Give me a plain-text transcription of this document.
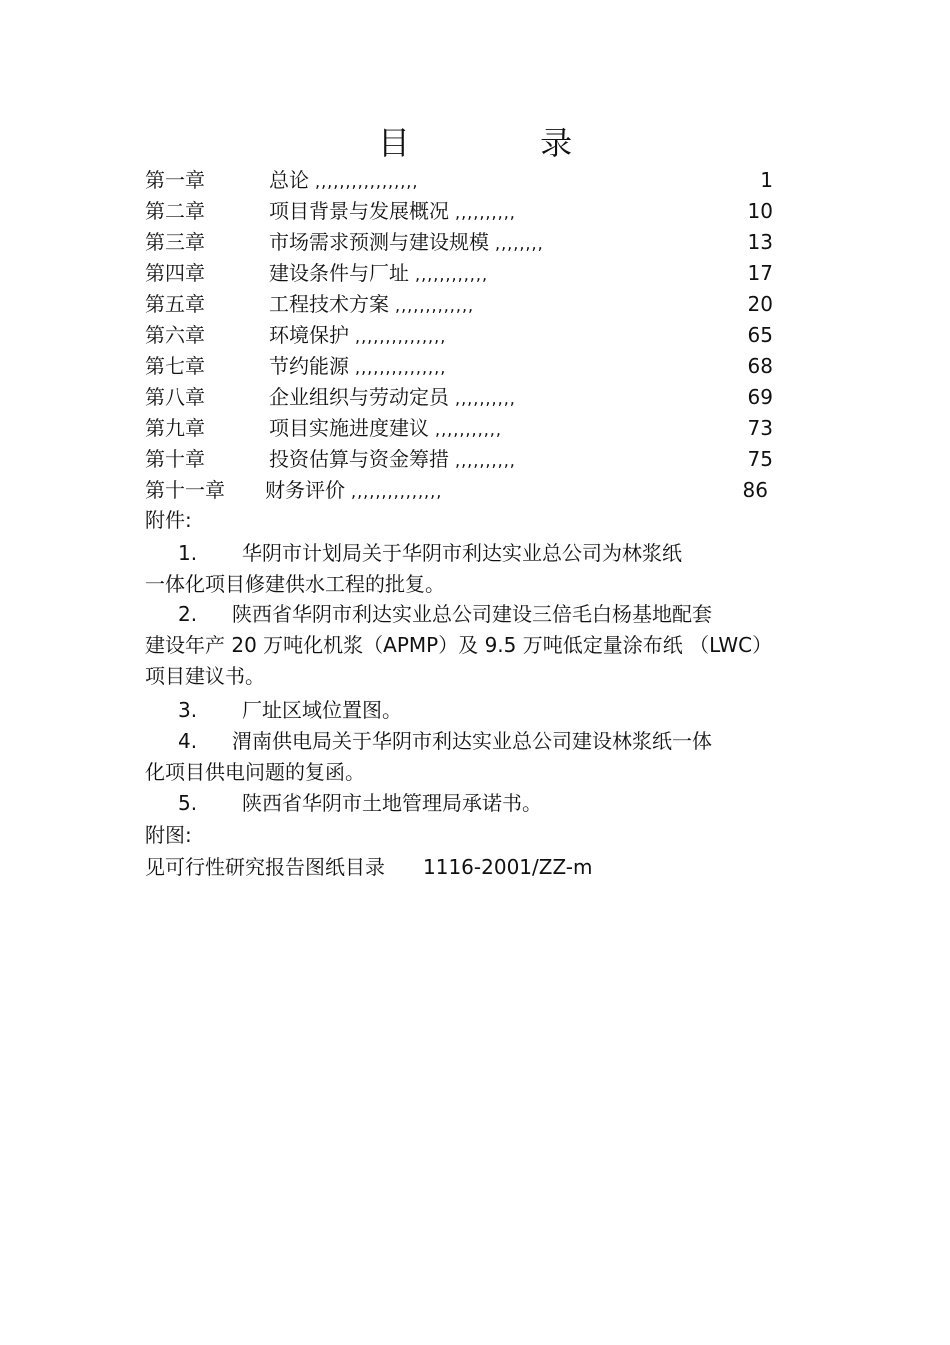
目 录
第一章	总论 ,,,,,,,,,,,,,,,,,	1
第二章	项目背景与发展概况 ,,,,,,,,,,	10
第三章	市场需求预测与建设规模 ,,,,,,,,	13
第四章	建设条件与厂址 ,,,,,,,,,,,,	17
第五章	工程技术方案 ,,,,,,,,,,,,,	20
第六章	环境保护 ,,,,,,,,,,,,,,,	65
第七章	节约能源 ,,,,,,,,,,,,,,,	68
第八章	企业组织与劳动定员 ,,,,,,,,,,	69
第九章	项目实施进度建议 ,,,,,,,,,,,	73
第十章	投资估算与资金筹措 ,,,,,,,,,,	75
第十一章 财务评价 ,,,,,,,,,,,,,,,	86
附件:
1. 华阴市计划局关于华阴市利达实业总公司为林浆纸
一体化项目修建供水工程的批复。
2. 陕西省华阴市利达实业总公司建设三倍毛白杨基地配套
建设年产 20 万吨化机浆（APMP）及 9.5 万吨低定量涂布纸 （LWC）
项目建议书。
3. 厂址区域位置图。
4. 渭南供电局关于华阴市利达实业总公司建设林浆纸一体
化项目供电问题的复函。
5. 陕西省华阴市土地管理局承诺书。
附图:
见可行性研究报告图纸目录 1116-2001/ZZ-m
